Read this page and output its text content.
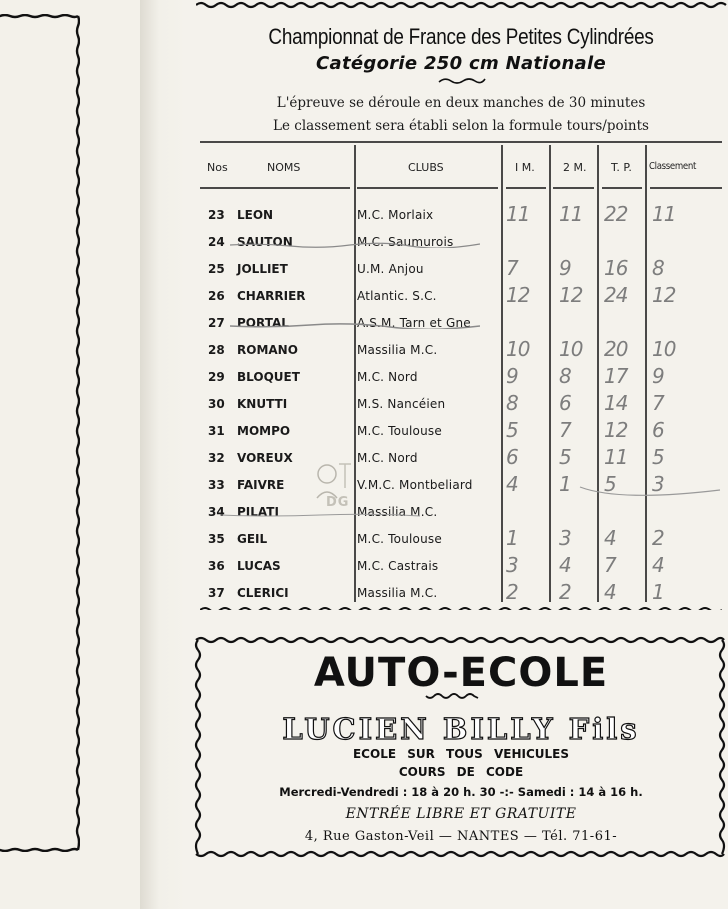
Championnat de France des Petites Cylindrées
Catégorie 250 cm Nationale
L'épreuve se déroule en deux manches de 30 minutes
Le classement sera établi selon la formule tours/points
Nos	NOMS	CLUBS	I M.	2 M. T. P. Classement
23 LEON	M.C. Morlaix	11 11 22 11
24 SAUTON	M.C. Saumurois
25 JOLLIET	U.M. Anjou	7 9 16 8
26 CHARRIER	Atlantic. S.C.	12 12 24 12
27 PORTAL	A.S.M. Tarn et Gne
28 ROMANO	Massilia M.C.	10 10 20 10
29 BLOQUET	M.C. Nord	9 8 17 9
30 KNUTTI	M.S. Nancéien	8 6 14 7
31 MOMPO	M.C. Toulouse	5 7 12 6
32 VOREUX	M.C. Nord	6 5 11 5
33 FAIVRE	V.M.C. Montbeliard 4 1 5 3
34 PILATI	Massilia M.C.
35 GEIL	M.C. Toulouse	1 3 4 2
36 LUCAS	M.C. Castrais	3 4 7 4
37 CLERICI	Massilia M.C.	2 2 4 1
DG
AUTO-ECOLE
LUCIEN BILLY Fils
ECOLE SUR TOUS VEHICULES
COURS DE CODE
Mercredi-Vendredi : 18 à 20 h. 30 -:- Samedi : 14 à 16 h.
ENTRÉE LIBRE ET GRATUITE
4, Rue Gaston-Veil — NANTES — Tél. 71-61-
